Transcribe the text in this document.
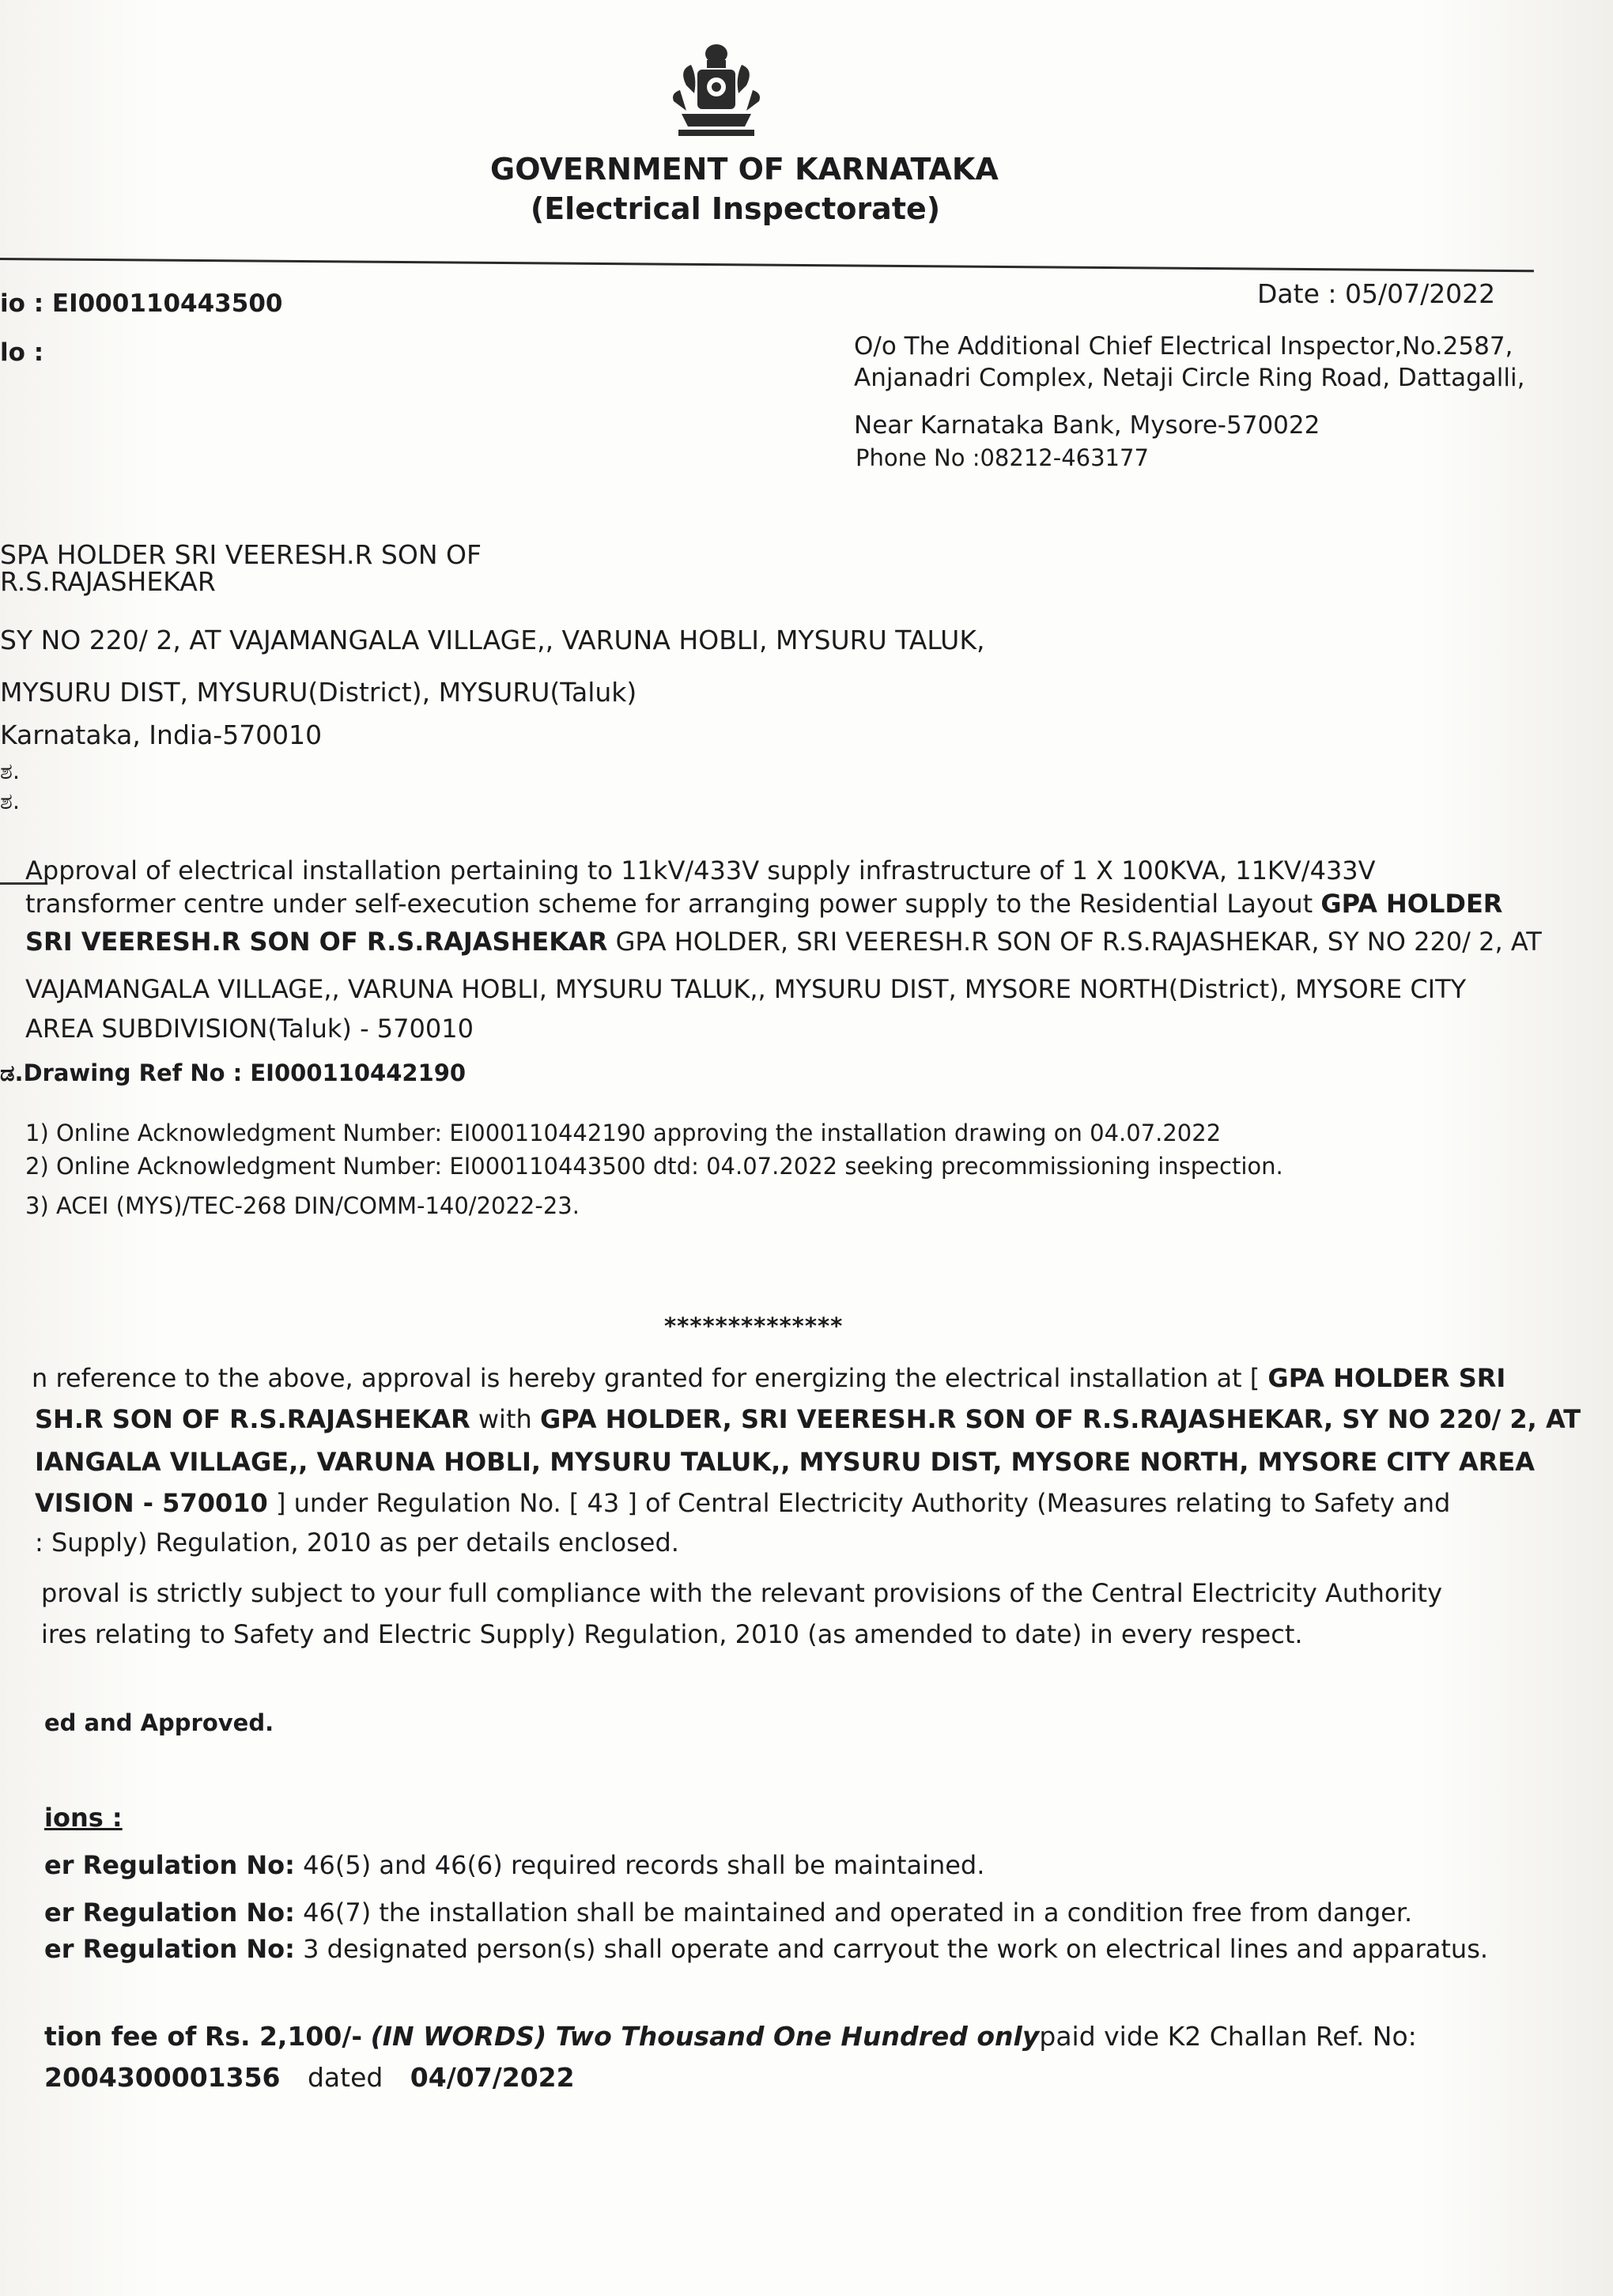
GOVERNMENT OF KARNATAKA
(Electrical Inspectorate)
io : EI000110443500
lo :
Date : 05/07/2022
O/o The Additional Chief Electrical Inspector,No.2587,
Anjanadri Complex, Netaji Circle Ring Road, Dattagalli,
Near Karnataka Bank, Mysore-570022
Phone No :08212-463177
SPA HOLDER SRI VEERESH.R SON OF
R.S.RAJASHEKAR
SY NO 220/ 2, AT VAJAMANGALA VILLAGE,, VARUNA HOBLI, MYSURU TALUK,
MYSURU DIST, MYSURU(District), MYSURU(Taluk)
Karnataka, India-570010
ಶ.
ಶ.
Approval of electrical installation pertaining to 11kV/433V supply infrastructure of 1 X 100KVA, 11KV/433V
transformer centre under self-execution scheme for arranging power supply to the Residential Layout GPA HOLDER
SRI VEERESH.R SON OF R.S.RAJASHEKAR GPA HOLDER, SRI VEERESH.R SON OF R.S.RAJASHEKAR, SY NO 220/ 2, AT
VAJAMANGALA VILLAGE,, VARUNA HOBLI, MYSURU TALUK,, MYSURU DIST, MYSORE NORTH(District), MYSORE CITY
AREA SUBDIVISION(Taluk) - 570010
ಡ.Drawing Ref No : EI000110442190
1) Online Acknowledgment Number: EI000110442190 approving the installation drawing on 04.07.2022
2) Online Acknowledgment Number: EI000110443500 dtd: 04.07.2022 seeking precommissioning inspection.
3) ACEI (MYS)/TEC-268 DIN/COMM-140/2022-23.
**************
n reference to the above, approval is hereby granted for energizing the electrical installation at [ GPA HOLDER SRI
SH.R SON OF R.S.RAJASHEKAR with GPA HOLDER, SRI VEERESH.R SON OF R.S.RAJASHEKAR, SY NO 220/ 2, AT
IANGALA VILLAGE,, VARUNA HOBLI, MYSURU TALUK,, MYSURU DIST, MYSORE NORTH, MYSORE CITY AREA
VISION - 570010 ] under Regulation No. [ 43 ] of Central Electricity Authority (Measures relating to Safety and
: Supply) Regulation, 2010 as per details enclosed.
proval is strictly subject to your full compliance with the relevant provisions of the Central Electricity Authority
ires relating to Safety and Electric Supply) Regulation, 2010 (as amended to date) in every respect.
ed and Approved.
ions :
er Regulation No: 46(5) and 46(6) required records shall be maintained.
er Regulation No: 46(7) the installation shall be maintained and operated in a condition free from danger.
er Regulation No: 3 designated person(s) shall operate and carryout the work on electrical lines and apparatus.
tion fee of Rs. 2,100/- (IN WORDS) Two Thousand One Hundred onlypaid vide K2 Challan Ref. No:
2004300001356 dated 04/07/2022
